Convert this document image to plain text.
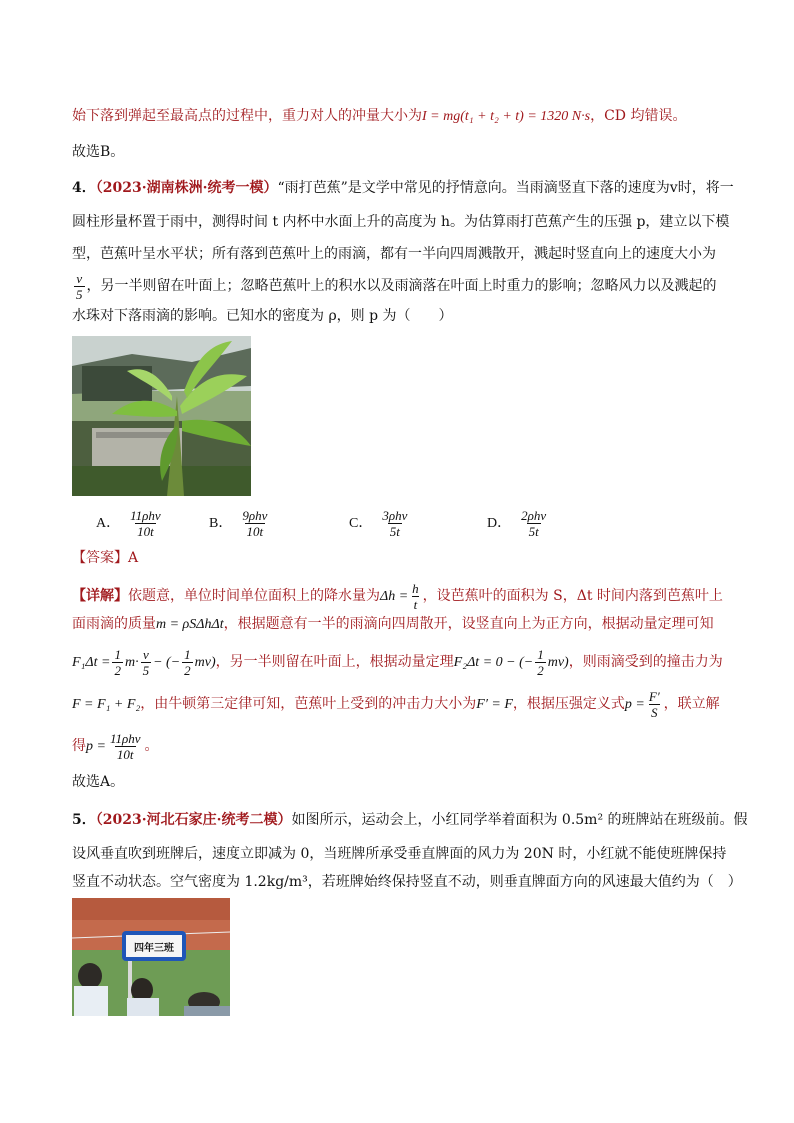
始下落到弹起至最高点的过程中，重力对人的冲量大小为I = mg(t₁ + t₂ + t) = 1320 N·s，CD 均错误。
故选B。
4．（2023·湖南株洲·统考一模）“雨打芭蕉”是文学中常见的抒情意向。当雨滴竖直下落的速度为v时，将一
圆柱形量杯置于雨中，测得时间 t 内杯中水面上升的高度为 h。为估算雨打芭蕉产生的压强 p，建立以下模
型，芭蕉叶呈水平状；所有落到芭蕉叶上的雨滴，都有一半向四周溅散开，溅起时竖直向上的速度大小为
$\frac{v}{5}$ ，另一半则留在叶面上；忽略芭蕉叶上的积水以及雨滴落在叶面上时重力的影响；忽略风力以及溅起的
水珠对下落雨滴的影响。已知水的密度为 ρ，则 p 为（　　）
A． $\frac{\text{11ρhv}}{10t}$	B． $\frac{\text{9ρhv}}{10t}$	C． $\frac{\text{3ρhv}}{5t}$	D． $\frac{\text{2ρhv}}{5t}$
【答案】A
【详解】依题意，单位时间单位面积上的降水量为$\Delta h = \frac{h}{t}$ ，设芭蕉叶的面积为 S，Δt 时间内落到芭蕉叶上
面雨滴的质量m = ρSΔhΔt，根据题意有一半的雨滴向四周散开，设竖直向上为正方向，根据动量定理可知
$F_1\Delta t = \frac{1}{2} m\cdot \frac{v}{5}$ − (− $\frac{1}{2} mv$)，另一半则留在叶面上，根据动量定理F₂Δt = 0 − (− $\frac{1}{2} mv$)，则雨滴受到的撞击力为
F = F₁ + F₂，由牛顿第三定律可知，芭蕉叶上受到的冲击力大小为F′ = F，根据压强定义式$p = \frac{F'}{S}$ ，联立解
得$p = \frac{\text{11ρhv}}{10t}$ 。
故选A。
5．（2023·河北石家庄·统考二模）如图所示，运动会上，小红同学举着面积为 0.5m² 的班牌站在班级前。假
设风垂直吹到班牌后，速度立即减为 0，当班牌所承受垂直牌面的风力为 20N 时，小红就不能使班牌保持
竖直不动状态。空气密度为 1.2kg/m³，若班牌始终保持竖直不动，则垂直牌面方向的风速最大值约为（　）
四年三班
